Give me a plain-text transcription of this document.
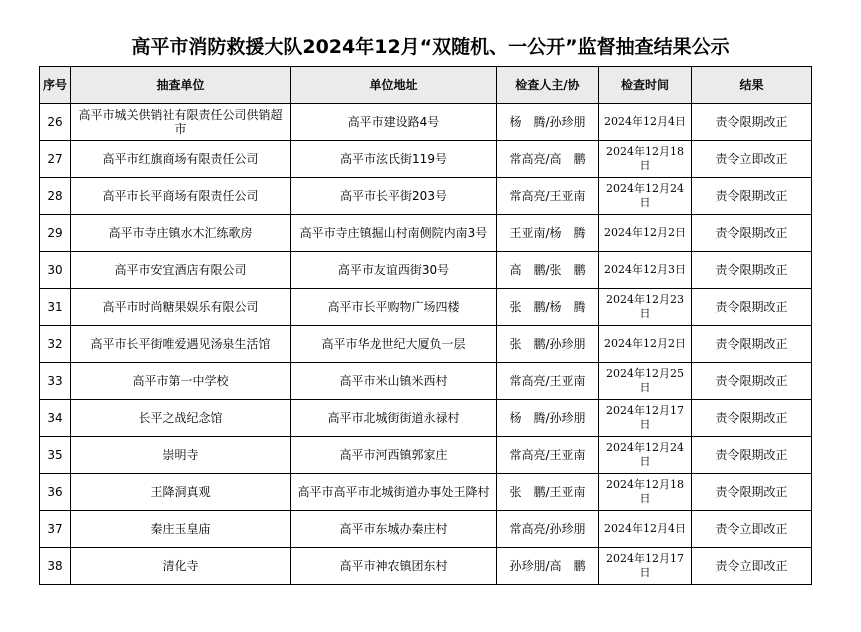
高平市消防救援大队2024年12月“双随机、一公开”监督抽查结果公示
序号	抽查单位	单位地址	检查人主/协	检查时间	结果
26	高平市城关供销社有限责任公司供销超市	高平市建设路4号	杨　腾/孙珍朋	2024年12月4日	责令限期改正
27	高平市红旗商场有限责任公司	高平市泫氏街119号	常高亮/高　鹏	2024年12月18日	责令立即改正
28	高平市长平商场有限责任公司	高平市长平街203号	常高亮/王亚南	2024年12月24日	责令限期改正
29	高平市寺庄镇水木汇练歌房	高平市寺庄镇掘山村南侧院内南3号	王亚南/杨　腾	2024年12月2日	责令限期改正
30	高平市安宜酒店有限公司	高平市友谊西街30号	高　鹏/张　鹏	2024年12月3日	责令限期改正
31	高平市时尚糖果娱乐有限公司	高平市长平购物广场四楼	张　鹏/杨　腾	2024年12月23日	责令限期改正
32	高平市长平街唯爱遇见汤泉生活馆	高平市华龙世纪大厦负一层	张　鹏/孙珍朋	2024年12月2日	责令限期改正
33	高平市第一中学校	高平市米山镇米西村	常高亮/王亚南	2024年12月25日	责令限期改正
34	长平之战纪念馆	高平市北城街街道永禄村	杨　腾/孙珍朋	2024年12月17日	责令限期改正
35	崇明寺	高平市河西镇郭家庄	常高亮/王亚南	2024年12月24日	责令限期改正
36	王降洞真观	高平市高平市北城街道办事处王降村	张　鹏/王亚南	2024年12月18日	责令限期改正
37	秦庄玉皇庙	高平市东城办秦庄村	常高亮/孙珍朋	2024年12月4日	责令立即改正
38	清化寺	高平市神农镇团东村	孙珍朋/高　鹏	2024年12月17日	责令立即改正
